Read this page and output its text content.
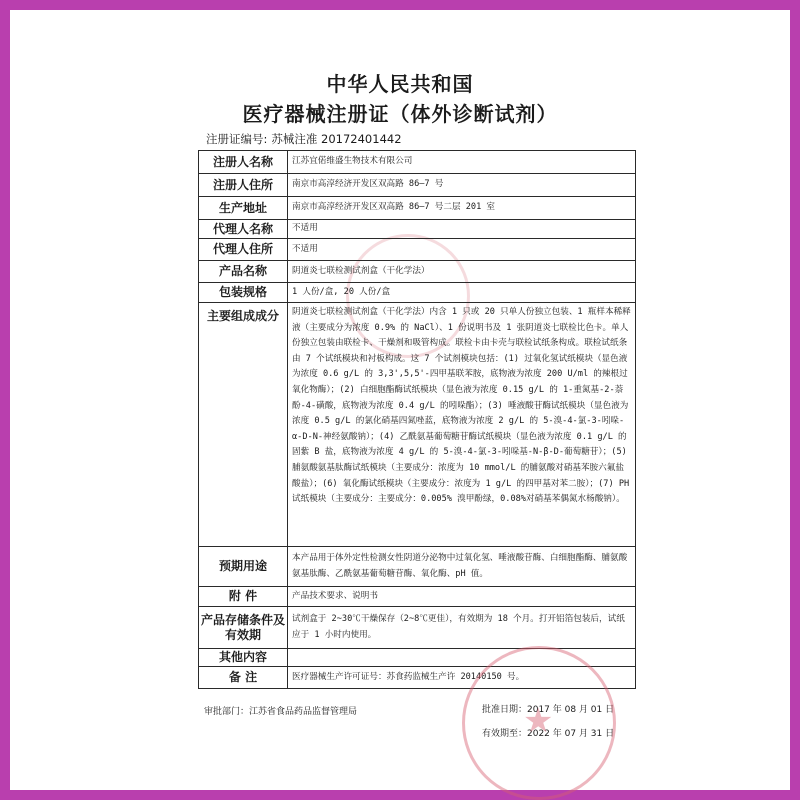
中华人民共和国
医疗器械注册证（体外诊断试剂）
注册证编号: 苏械注准 20172401442
注册人名称	江苏宜偌维盛生物技术有限公司
注册人住所	南京市高淳经济开发区双高路 86—7 号
生产地址	南京市高淳经济开发区双高路 86—7 号二层 201 室
代理人名称	不适用
代理人住所	不适用
产品名称	阴道炎七联检测试剂盒（干化学法）
包装规格	1 人份/盒, 20 人份/盒
主要组成成分	阴道炎七联检测试剂盒（干化学法）内含 1 只或 20 只单人份独立包装、1 瓶样本稀释液（主要成分为浓度 0.9% 的 NaCl）、1 份说明书及 1 张阴道炎七联检比色卡。单人份独立包装由联检卡、干燥剂和吸管构成。联检卡由卡壳与联检试纸条构成。联检试纸条由 7 个试纸模块和衬板构成。这 7 个试剂模块包括：(1) 过氧化氢试纸模块（显色液为浓度 0.6 g/L 的 3,3',5,5'-四甲基联苯胺，底物液为浓度 200 U/ml 的辣根过氧化物酶）；(2) 白细胞酯酶试纸模块（显色液为浓度 0.15 g/L 的 1-重氮基-2-萘酚-4-磺酸，底物液为浓度 0.4 g/L 的吲哚酯）；(3) 唾液酸苷酶试纸模块（显色液为浓度 0.5 g/L 的氯化硝基四氮唑蓝，底物液为浓度 2 g/L 的 5-溴-4-氯-3-吲哚-α-D-N-神经氨酸钠）；(4) 乙酰氨基葡萄糖苷酶试纸模块（显色液为浓度 0.1 g/L 的固紫 B 盐，底物液为浓度 4 g/L 的 5-溴-4-氯-3-吲哚基-N-β-D-葡萄糖苷）；(5) 脯氨酸氨基肽酶试纸模块（主要成分：浓度为 10 mmol/L 的脯氨酸对硝基苯胺六氟盐酸盐）；(6) 氧化酶试纸模块（主要成分：浓度为 1 g/L 的四甲基对苯二胺）；(7) PH 试纸模块（主要成分：主要成分：0.005% 溴甲酚绿，0.08%对硝基苯偶氮水杨酸钠）。
预期用途	本产品用于体外定性检测女性阴道分泌物中过氧化氢、唾液酸苷酶、白细胞酯酶、脯氨酸氨基肽酶、乙酰氨基葡萄糖苷酶、氧化酶、pH 值。
附 件	产品技术要求、说明书
产品存储条件及有效期	试剂盒于 2~30℃干燥保存（2~8℃更佳），有效期为 18 个月。打开铝箔包装后，试纸应于 1 小时内使用。
其他内容	
备 注	医疗器械生产许可证号：苏食药监械生产许 20140150 号。
审批部门：江苏省食品药品监督管理局	批准日期：2017 年 08 月 01 日
有效期至：2022 年 07 月 31 日
★
